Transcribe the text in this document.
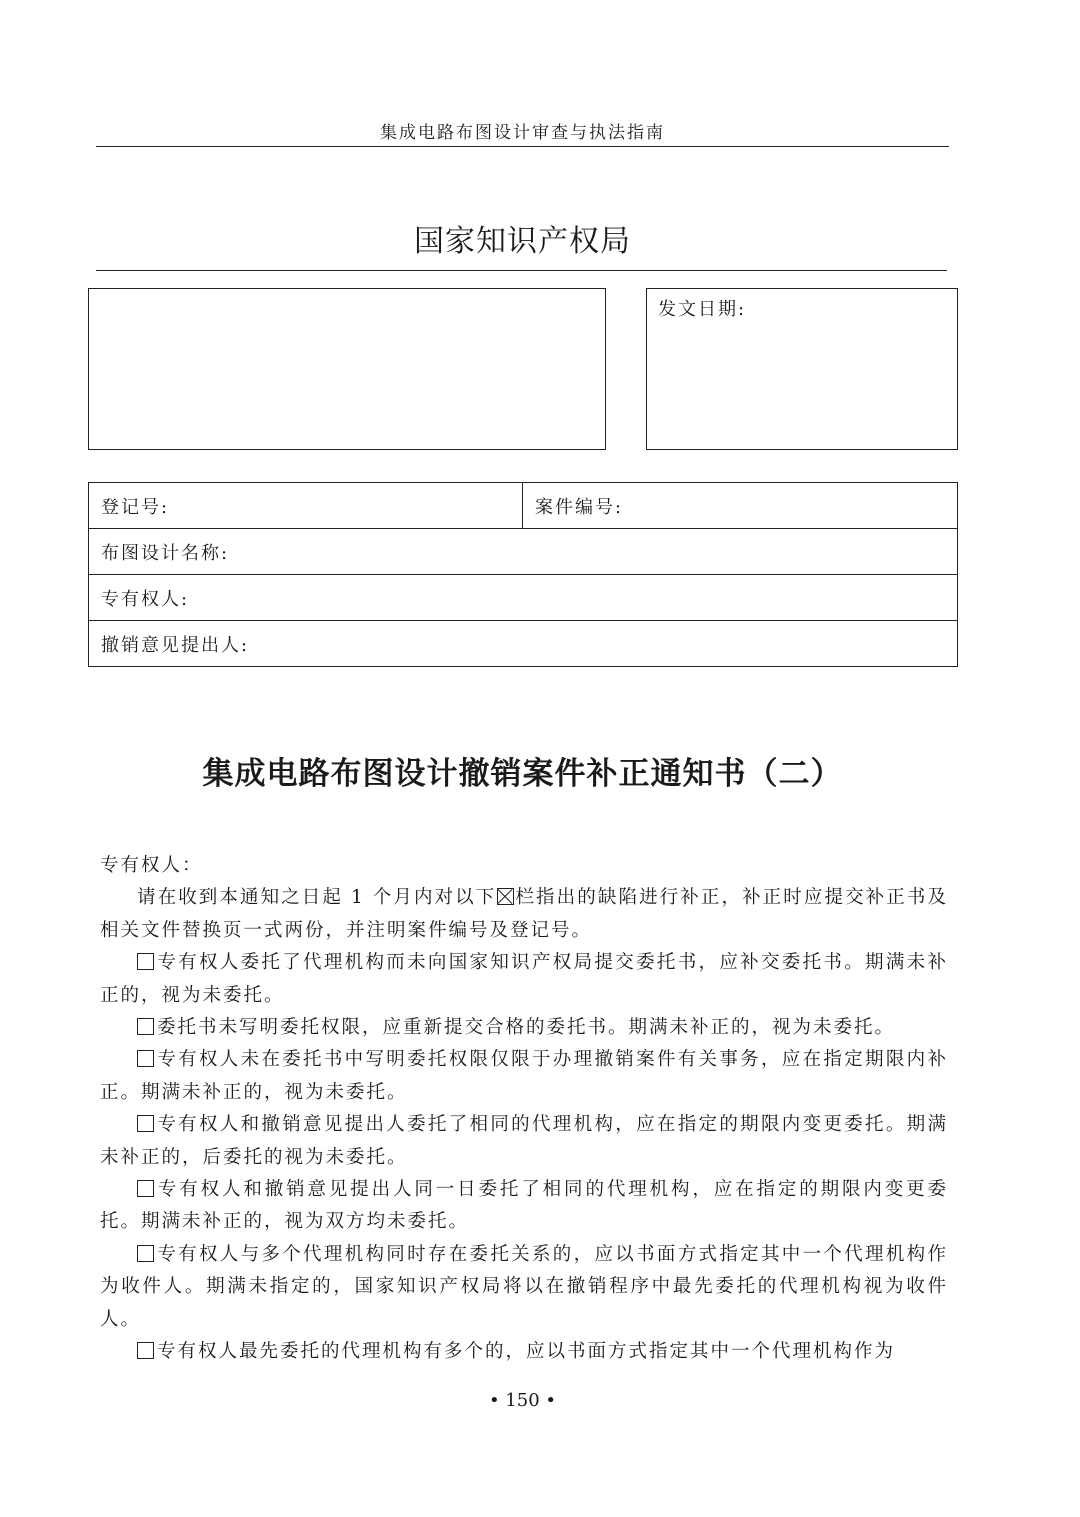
集成电路布图设计审查与执法指南
国家知识产权局
发文日期:
登记号:	案件编号:
布图设计名称:
专有权人:
撤销意见提出人:
集成电路布图设计撤销案件补正通知书（二）

专有权人：

请在收到本通知之日起 1 个月内对以下 栏指出的缺陷进行补正，补正时应提交补正书及相关文件替换页一式两份，并注明案件编号及登记号。

专有权人委托了代理机构而未向国家知识产权局提交委托书，应补交委托书。期满未补正的，视为未委托。

委托书未写明委托权限，应重新提交合格的委托书。期满未补正的，视为未委托。

专有权人未在委托书中写明委托权限仅限于办理撤销案件有关事务，应在指定期限内补正。期满未补正的，视为未委托。

专有权人和撤销意见提出人委托了相同的代理机构，应在指定的期限内变更委托。期满未补正的，后委托的视为未委托。

专有权人和撤销意见提出人同一日委托了相同的代理机构，应在指定的期限内变更委托。期满未补正的，视为双方均未委托。

专有权人与多个代理机构同时存在委托关系的，应以书面方式指定其中一个代理机构作为收件人。期满未指定的，国家知识产权局将以在撤销程序中最先委托的代理机构视为收件人。

专有权人最先委托的代理机构有多个的，应以书面方式指定其中一个代理机构作为

• 150 •
